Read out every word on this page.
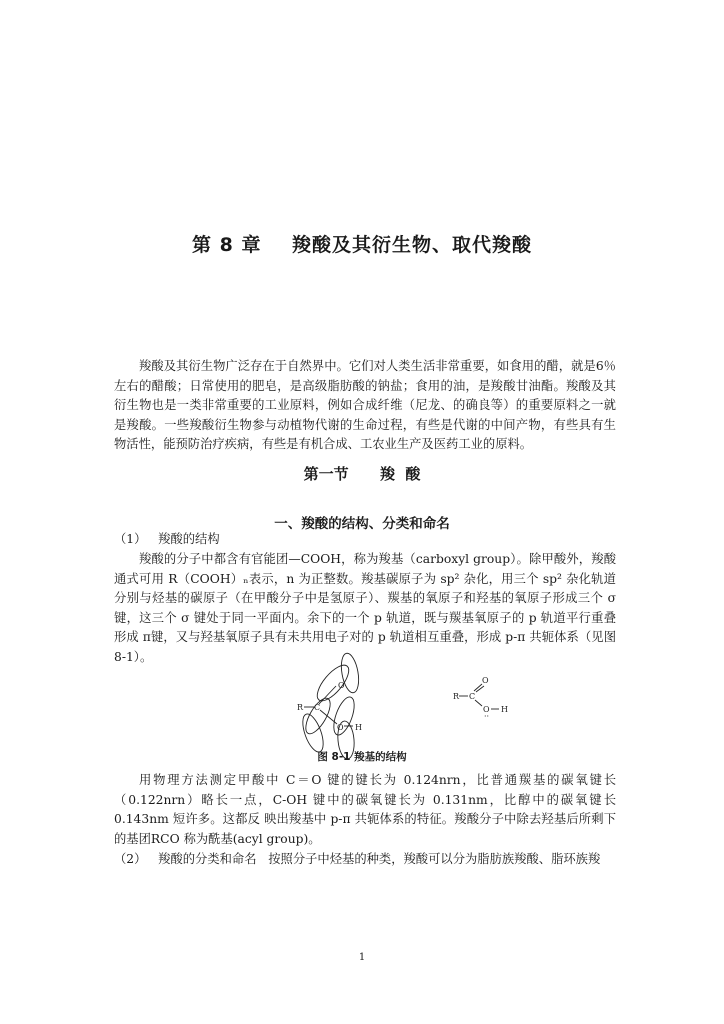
第 8 章    羧酸及其衍生物、取代羧酸

羧酸及其衍生物广泛存在于自然界中。它们对人类生活非常重要，如食用的醋，就是6％左右的醋酸；日常使用的肥皂，是高级脂肪酸的钠盐；食用的油，是羧酸甘油酯。羧酸及其衍生物也是一类非常重要的工业原料，例如合成纤维（尼龙、的确良等）的重要原料之一就是羧酸。一些羧酸衍生物参与动植物代谢的生命过程，有些是代谢的中间产物，有些具有生物活性，能预防治疗疾病，有些是有机合成、工农业生产及医药工业的原料。

第一节      羧  酸
一、羧酸的结构、分类和命名
（1）   羧酸的结构

羧酸的分子中都含有官能团—COOH，称为羧基（carboxyl group）。除甲酸外，羧酸通式可用 R（COOH）ₙ表示，n 为正整数。羧基碳原子为 sp² 杂化，用三个 sp² 杂化轨道分别与烃基的碳原子（在甲酸分子中是氢原子）、羰基的氧原子和羟基的氧原子形成三个 σ 键，这三个 σ 键处于同一平面内。余下的一个 p 轨道，既与羰基氧原子的 p 轨道平行重叠形成 π键，又与羟基氧原子具有未共用电子对的 p 轨道相互重叠，形成 p-π 共轭体系（见图 8-1）。

R C
O
O H
R C
O
O H
··
图 8-1 羧基的结构

用物理方法测定甲酸中 C＝O 键的键长为 0.124nrn，比普通羰基的碳氧键长（0.122nrn）略长一点，C-OH 键中的碳氧键长为 0.131nm，比醇中的碳氧键长 0.143nm 短许多。这都反 映出羧基中 p-π 共轭体系的特征。羧酸分子中除去羟基后所剩下的基团RCO 称为酰基(acyl group)。

（2）   羧酸的分类和命名   按照分子中烃基的种类，羧酸可以分为脂肪族羧酸、脂环族羧
1
